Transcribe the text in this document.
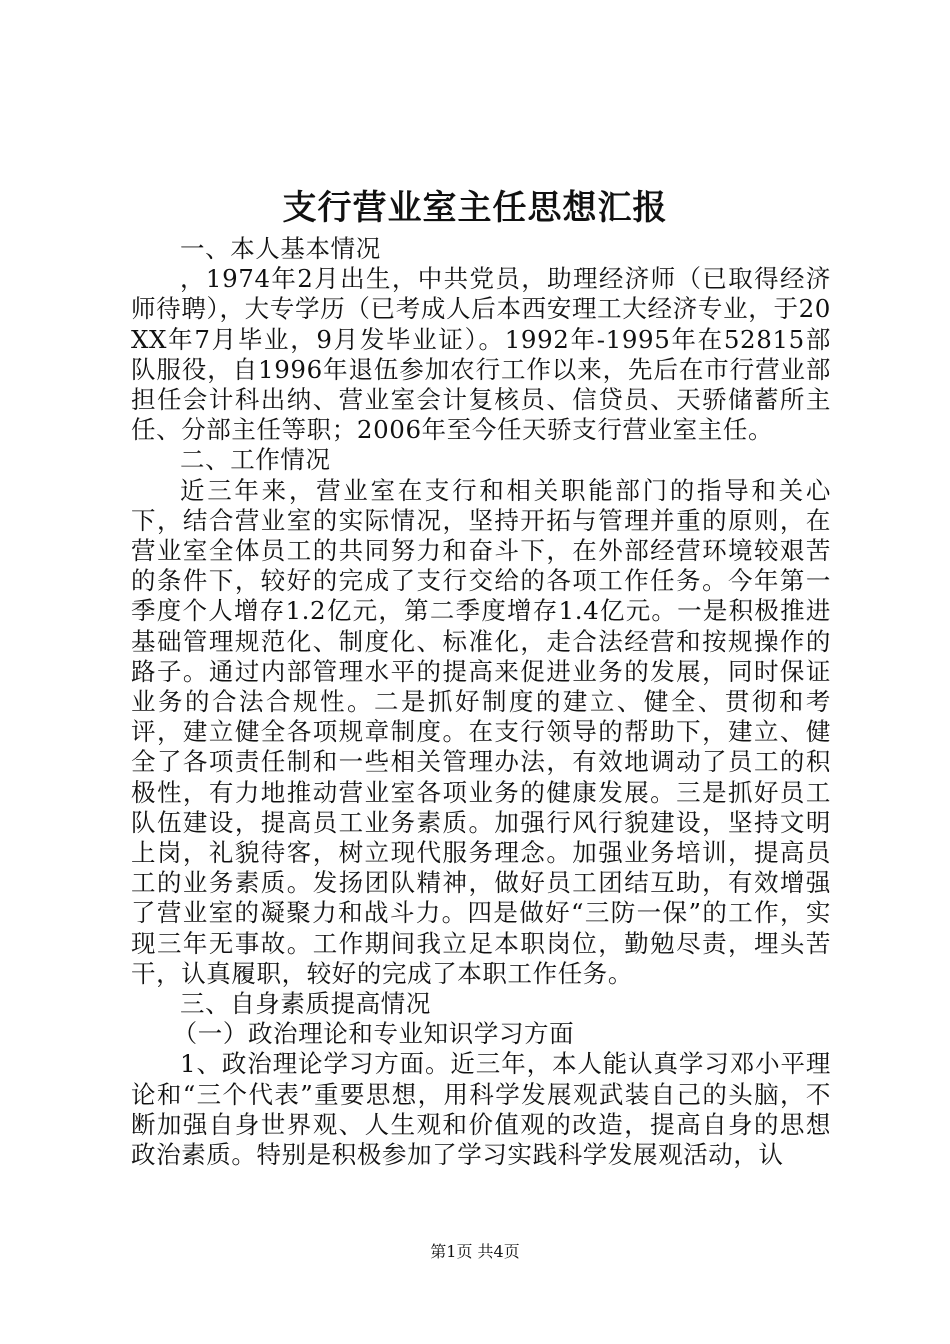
支行营业室主任思想汇报

一、本人基本情况

，1974年2月出生，中共党员，助理经济师（已取得经济师待聘），大专学历（已考成人后本西安理工大经济专业，于20XX年7月毕业，9月发毕业证）。1992年-1995年在52815部队服役，自1996年退伍参加农行工作以来，先后在市行营业部担任会计科出纳、营业室会计复核员、信贷员、天骄储蓄所主任、分部主任等职；2006年至今任天骄支行营业室主任。

二、工作情况

近三年来，营业室在支行和相关职能部门的指导和关心下，结合营业室的实际情况，坚持开拓与管理并重的原则，在营业室全体员工的共同努力和奋斗下，在外部经营环境较艰苦的条件下，较好的完成了支行交给的各项工作任务。今年第一季度个人增存1.2亿元，第二季度增存1.4亿元。一是积极推进基础管理规范化、制度化、标准化，走合法经营和按规操作的路子。通过内部管理水平的提高来促进业务的发展，同时保证业务的合法合规性。二是抓好制度的建立、健全、贯彻和考评，建立健全各项规章制度。在支行领导的帮助下，建立、健全了各项责任制和一些相关管理办法，有效地调动了员工的积极性，有力地推动营业室各项业务的健康发展。三是抓好员工队伍建设，提高员工业务素质。加强行风行貌建设，坚持文明上岗，礼貌待客，树立现代服务理念。加强业务培训，提高员工的业务素质。发扬团队精神，做好员工团结互助，有效增强了营业室的凝聚力和战斗力。四是做好“三防一保”的工作，实现三年无事故。工作期间我立足本职岗位，勤勉尽责，埋头苦干，认真履职，较好的完成了本职工作任务。

三、自身素质提高情况

（一）政治理论和专业知识学习方面

1、政治理论学习方面。近三年，本人能认真学习邓小平理论和“三个代表”重要思想，用科学发展观武装自己的头脑，不断加强自身世界观、人生观和价值观的改造，提高自身的思想政治素质。特别是积极参加了学习实践科学发展观活动，认

第1页 共4页
